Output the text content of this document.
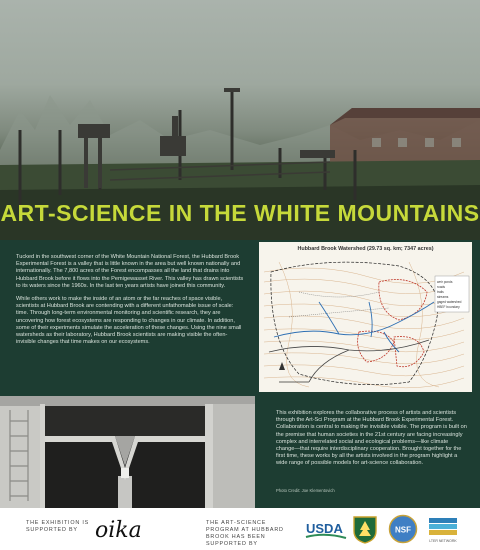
ART-SCIENCE IN THE WHITE MOUNTAINS

Tucked in the southwest corner of the White Mountain National Forest, the Hubbard Brook Experimental Forest is a valley that is little known in the area but well known nationally and internationally. The 7,800 acres of the Forest encompasses all the land that drains into Hubbard Brook before it flows into the Pemigewasset River. This valley has drawn scientists to its waters since the 1960s. In the last ten years artists have joined this community.

While others work to make the inside of an atom or the far reaches of space visible, scientists at Hubbard Brook are contending with a different unfathomable issue of scale: time. Through long-term environmental monitoring and scientific research, they are uncovering how forest ecosystems are responding to changes in our climate. In addition, some of their experiments simulate the acceleration of these changes. Using the nine small watersheds as their laboratory, Hubbard Brook scientists are making visible the often-invisible changes that time makes on our ecosystems.

Hubbard Brook Watershed (29.73 sq. km; 7347 acres)
weir ponds
roads
trails
streams
gaged watershed
HBEF boundary

This exhibition explores the collaborative process of artists and scientists through the Art-Sci Program at the Hubbard Brook Experimental Forest. Collaboration is central to making the invisible visible. The program is built on the premise that human societies in the 21st century are facing increasingly complex and interrelated social and ecological problems—like climate change—that require interdisciplinary cooperation. Brought together for the first time, these works by all the artists involved in the program highlight a wide range of possible models for art-science collaboration.

Photo Credit: Joe Klementovich
THE EXHIBITION IS SUPPORTED BY oika	THE ART-SCIENCE PROGRAM AT HUBBARD BROOK HAS BEEN SUPPORTED BY
USDA	NSF
LTER NETWORK
